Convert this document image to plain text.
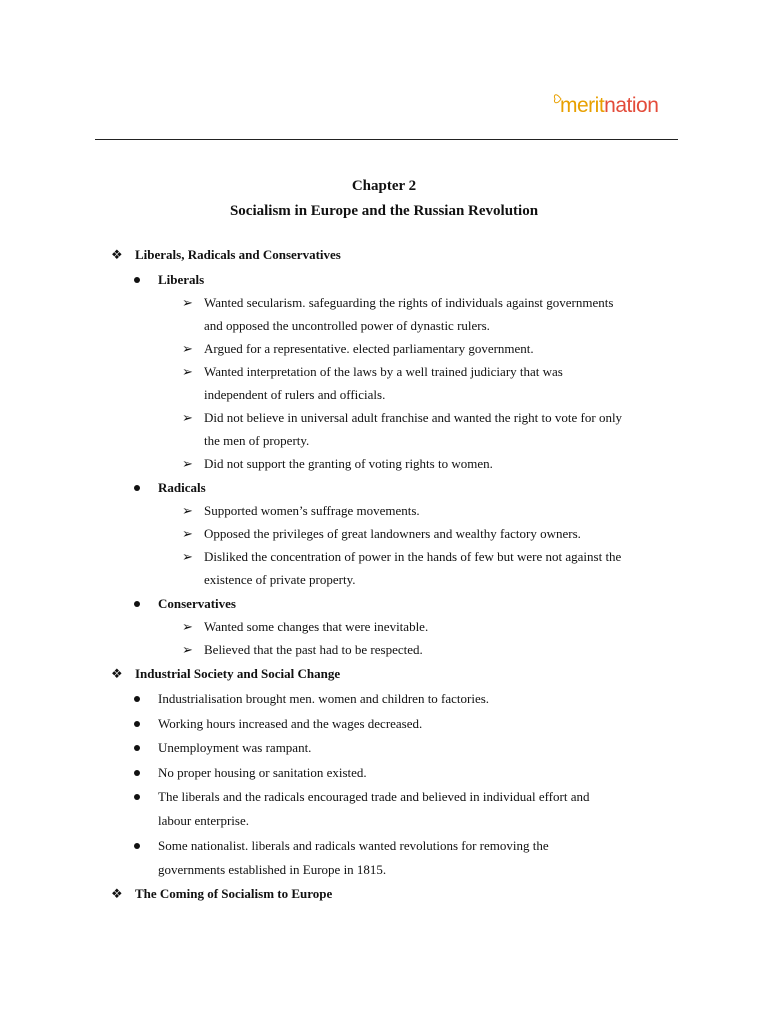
meritnation
Chapter 2
Socialism in Europe and the Russian Revolution
❖ Liberals, Radicals and Conservatives
Liberals
➢ Wanted secularism. safeguarding the rights of individuals against governments
and opposed the uncontrolled power of dynastic rulers.
➢ Argued for a representative. elected parliamentary government.
➢ Wanted interpretation of the laws by a well trained judiciary that was
independent of rulers and officials.
➢ Did not believe in universal adult franchise and wanted the right to vote for only
the men of property.
➢ Did not support the granting of voting rights to women.
Radicals
➢ Supported women’s suffrage movements.
➢ Opposed the privileges of great landowners and wealthy factory owners.
➢ Disliked the concentration of power in the hands of few but were not against the
existence of private property.
Conservatives
➢ Wanted some changes that were inevitable.
➢ Believed that the past had to be respected.
❖ Industrial Society and Social Change
Industrialisation brought men. women and children to factories.
Working hours increased and the wages decreased.
Unemployment was rampant.
No proper housing or sanitation existed.
The liberals and the radicals encouraged trade and believed in individual effort and
labour enterprise.
Some nationalist. liberals and radicals wanted revolutions for removing the
governments established in Europe in 1815.
❖ The Coming of Socialism to Europe
